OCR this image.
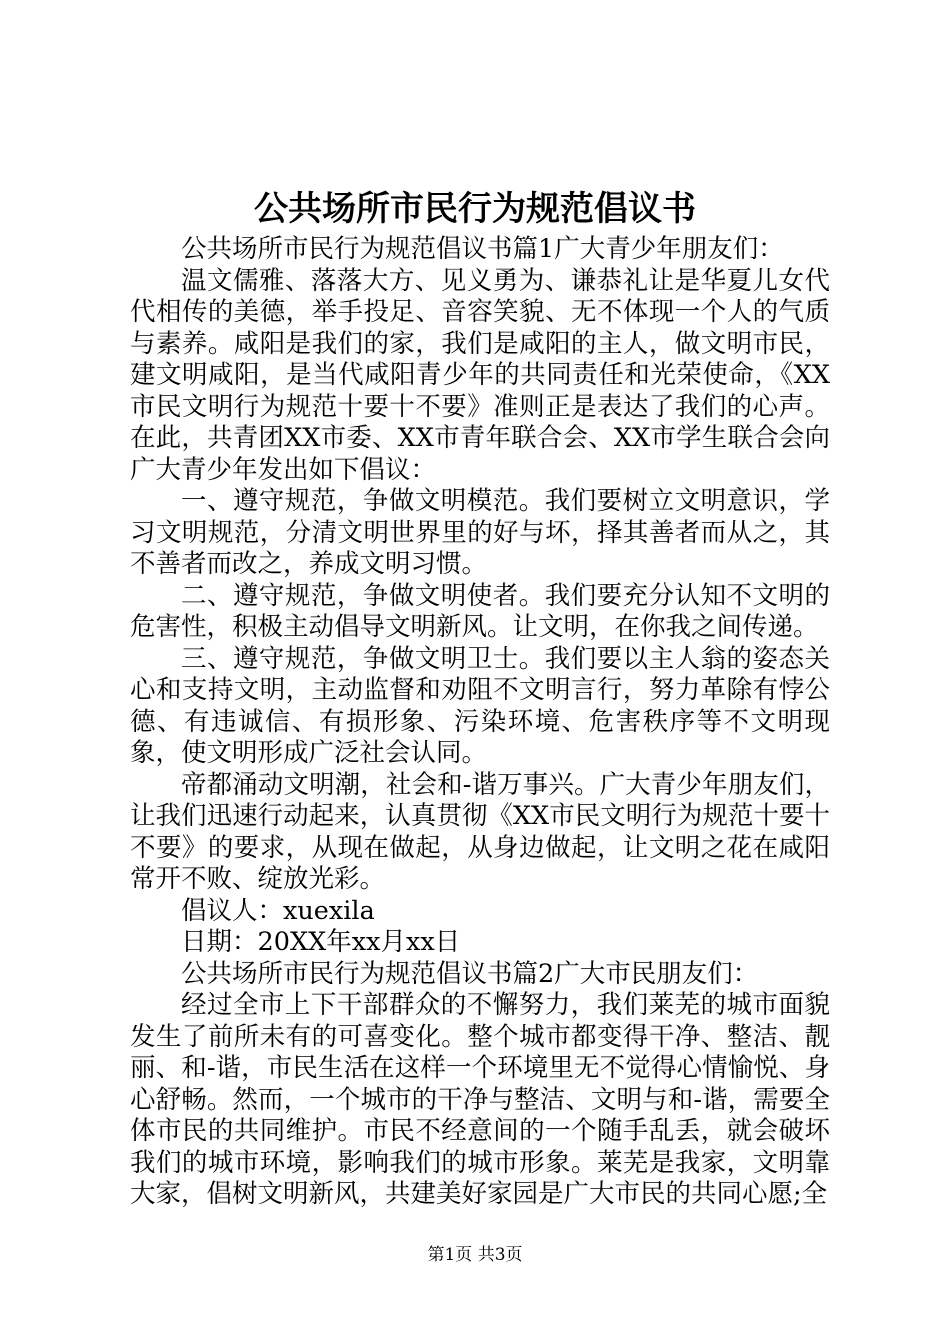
公共场所市民行为规范倡议书

公共场所市民行为规范倡议书篇1广大青少年朋友们：

温文儒雅、落落大方、见义勇为、谦恭礼让是华夏儿女代代相传的美德，举手投足、音容笑貌、无不体现一个人的气质与素养。咸阳是我们的家，我们是咸阳的主人，做文明市民，建文明咸阳，是当代咸阳青少年的共同责任和光荣使命，《XX市民文明行为规范十要十不要》准则正是表达了我们的心声。在此，共青团XX市委、XX市青年联合会、XX市学生联合会向广大青少年发出如下倡议：

一、遵守规范，争做文明模范。我们要树立文明意识，学习文明规范，分清文明世界里的好与坏，择其善者而从之，其不善者而改之，养成文明习惯。

二、遵守规范，争做文明使者。我们要充分认知不文明的危害性，积极主动倡导文明新风。让文明，在你我之间传递。

三、遵守规范，争做文明卫士。我们要以主人翁的姿态关心和支持文明，主动监督和劝阻不文明言行，努力革除有悖公德、有违诚信、有损形象、污染环境、危害秩序等不文明现象，使文明形成广泛社会认同。

帝都涌动文明潮，社会和-谐万事兴。广大青少年朋友们，让我们迅速行动起来，认真贯彻《XX市民文明行为规范十要十不要》的要求，从现在做起，从身边做起，让文明之花在咸阳常开不败、绽放光彩。

倡议人：xuexila

日期：20XX年xx月xx日

公共场所市民行为规范倡议书篇2广大市民朋友们：

经过全市上下干部群众的不懈努力，我们莱芜的城市面貌发生了前所未有的可喜变化。整个城市都变得干净、整洁、靓丽、和-谐，市民生活在这样一个环境里无不觉得心情愉悦、身心舒畅。然而，一个城市的干净与整洁、文明与和-谐，需要全体市民的共同维护。市民不经意间的一个随手乱丢，就会破坏我们的城市环境，影响我们的城市形象。莱芜是我家，文明靠大家，倡树文明新风，共建美好家园是广大市民的共同心愿;全

第1页 共3页
